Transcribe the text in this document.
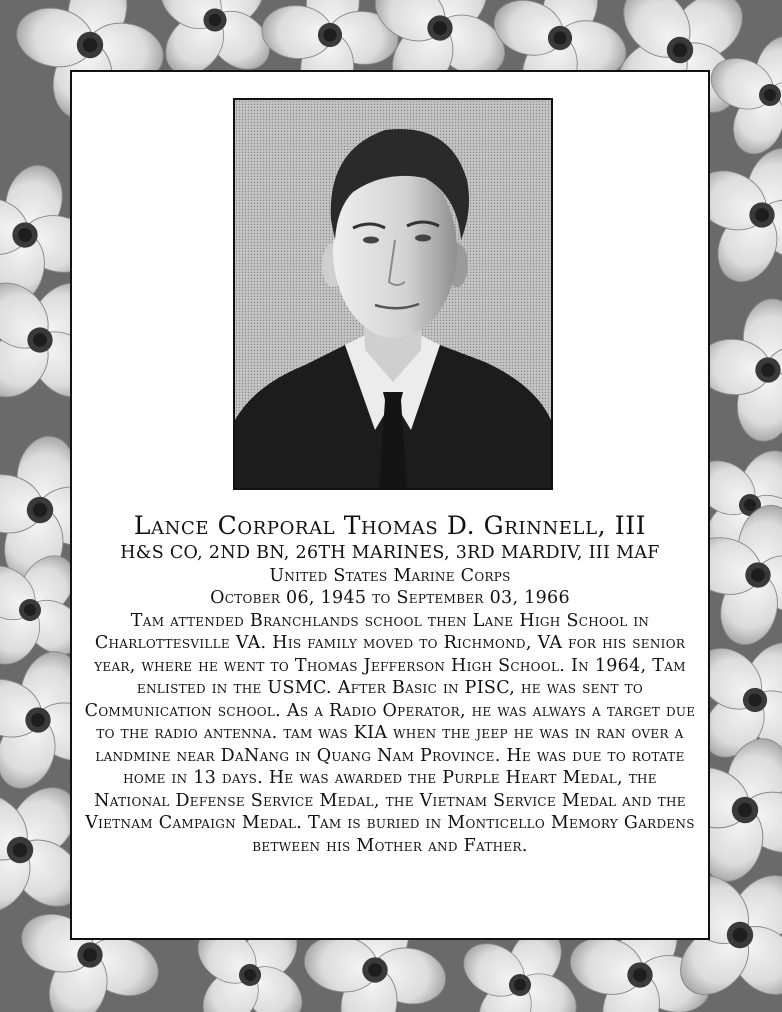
Lance Corporal Thomas D. Grinnell, III
H&S CO, 2ND BN, 26TH MARINES, 3RD MARDIV, III MAF
United States Marine Corps
October 06, 1945 to September 03, 1966
Tam attended Branchlands school then Lane High School in Charlottesville VA. His family moved to Richmond, VA for his senior year, where he went to Thomas Jefferson High School. In 1964, Tam enlisted in the USMC. After Basic in PISC, he was sent to Communication school. As a Radio Operator, he was always a target due to the radio antenna. tam was KIA when the jeep he was in ran over a landmine near DaNang in Quang Nam Province. He was due to rotate home in 13 days. He was awarded the Purple Heart Medal, the National Defense Service Medal, the Vietnam Service Medal and the Vietnam Campaign Medal. Tam is buried in Monticello Memory Gardens between his Mother and Father.
